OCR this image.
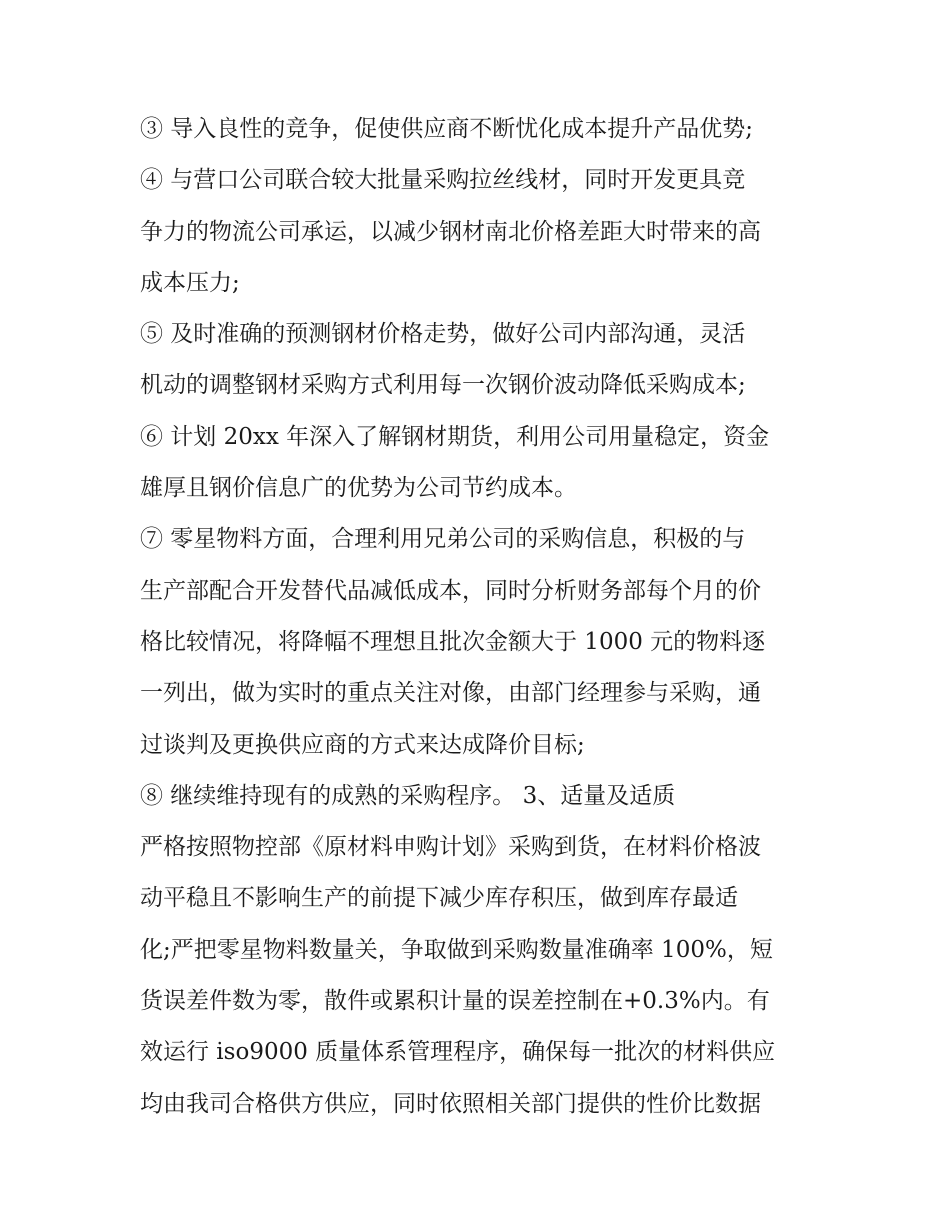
③ 导入良性的竞争，促使供应商不断忧化成本提升产品优势;
④ 与营口公司联合较大批量采购拉丝线材，同时开发更具竞
争力的物流公司承运，以减少钢材南北价格差距大时带来的高
成本压力;
⑤ 及时准确的预测钢材价格走势，做好公司内部沟通，灵活
机动的调整钢材采购方式利用每一次钢价波动降低采购成本;
⑥ 计划 20xx 年深入了解钢材期货，利用公司用量稳定，资金
雄厚且钢价信息广的优势为公司节约成本。
⑦ 零星物料方面，合理利用兄弟公司的采购信息，积极的与
生产部配合开发替代品减低成本，同时分析财务部每个月的价
格比较情况，将降幅不理想且批次金额大于 1000 元的物料逐
一列出，做为实时的重点关注对像，由部门经理参与采购，通
过谈判及更换供应商的方式来达成降价目标;
⑧ 继续维持现有的成熟的采购程序。 3、适量及适质
严格按照物控部《原材料申购计划》采购到货，在材料价格波
动平稳且不影响生产的前提下减少库存积压，做到库存最适
化;严把零星物料数量关，争取做到采购数量准确率 100%，短
货误差件数为零，散件或累积计量的误差控制在+0.3%内。有
效运行 iso9000 质量体系管理程序，确保每一批次的材料供应
均由我司合格供方供应，同时依照相关部门提供的性价比数据
